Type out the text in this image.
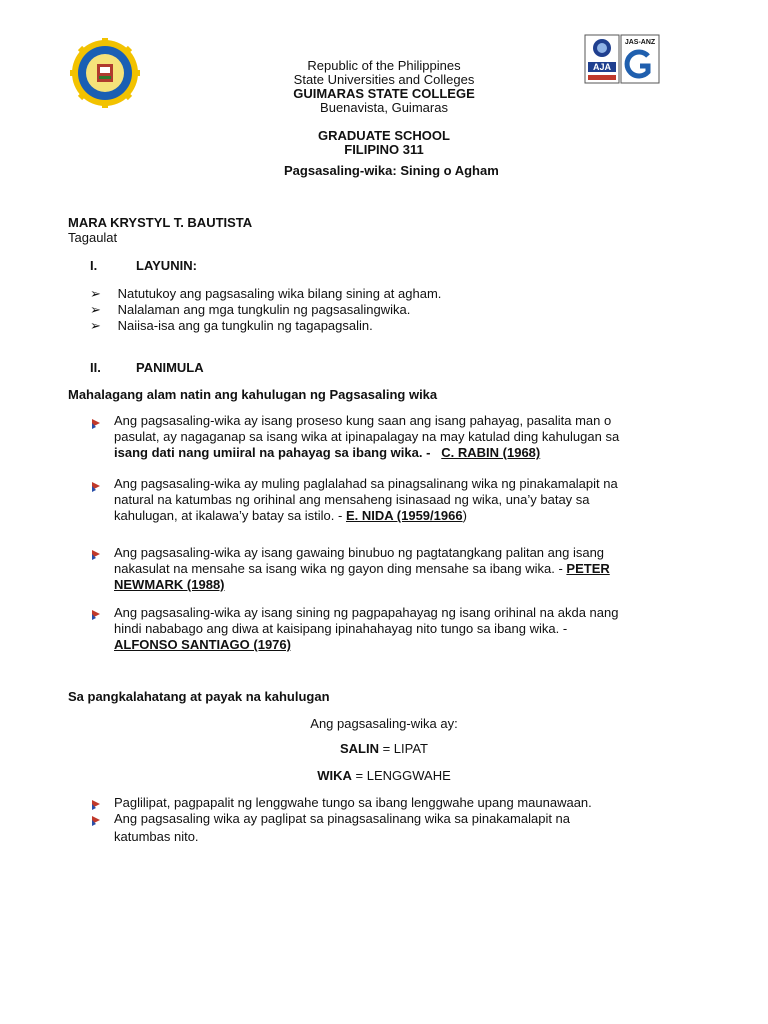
AJA
JAS-ANZ
Republic of the Philippines
State Universities and Colleges
GUIMARAS STATE COLLEGE
Buenavista, Guimaras
GRADUATE SCHOOL
FILIPINO 311
Pagsasaling-wika: Sining o Agham
MARA KRYSTYL T. BAUTISTA
Tagaulat
I.	LAYUNIN:
➢ Natutukoy ang pagsasaling wika bilang sining at agham.
➢ Nalalaman ang mga tungkulin ng pagsasalingwika.
➢ Naiisa-isa ang ga tungkulin ng tagapagsalin.
II.	PANIMULA
Mahalagang alam natin ang kahulugan ng Pagsasaling wika
Ang pagsasaling-wika ay isang proseso kung saan ang isang pahayag, pasalita man o
pasulat, ay nagaganap sa isang wika at ipinapalagay na may katulad ding kahulugan sa
isang dati nang umiiral na pahayag sa ibang wika. - C. RABIN (1968)
Ang pagsasaling-wika ay muling paglalahad sa pinagsalinang wika ng pinakamalapit na
natural na katumbas ng orihinal ang mensaheng isinasaad ng wika, una’y batay sa
kahulugan, at ikalawa’y batay sa istilo. - E. NIDA (1959/1966)
Ang pagsasaling-wika ay isang gawaing binubuo ng pagtatangkang palitan ang isang
nakasulat na mensahe sa isang wika ng gayon ding mensahe sa ibang wika. - PETER
NEWMARK (1988)
Ang pagsasaling-wika ay isang sining ng pagpapahayag ng isang orihinal na akda nang
hindi nababago ang diwa at kaisipang ipinahahayag nito tungo sa ibang wika. -
ALFONSO SANTIAGO (1976)
Sa pangkalahatang at payak na kahulugan
Ang pagsasaling-wika ay:
SALIN = LIPAT
WIKA = LENGGWAHE
Paglilipat, pagpapalit ng lenggwahe tungo sa ibang lenggwahe upang maunawaan.
Ang pagsasaling wika ay paglipat sa pinagsasalinang wika sa pinakamalapit na
katumbas nito.
